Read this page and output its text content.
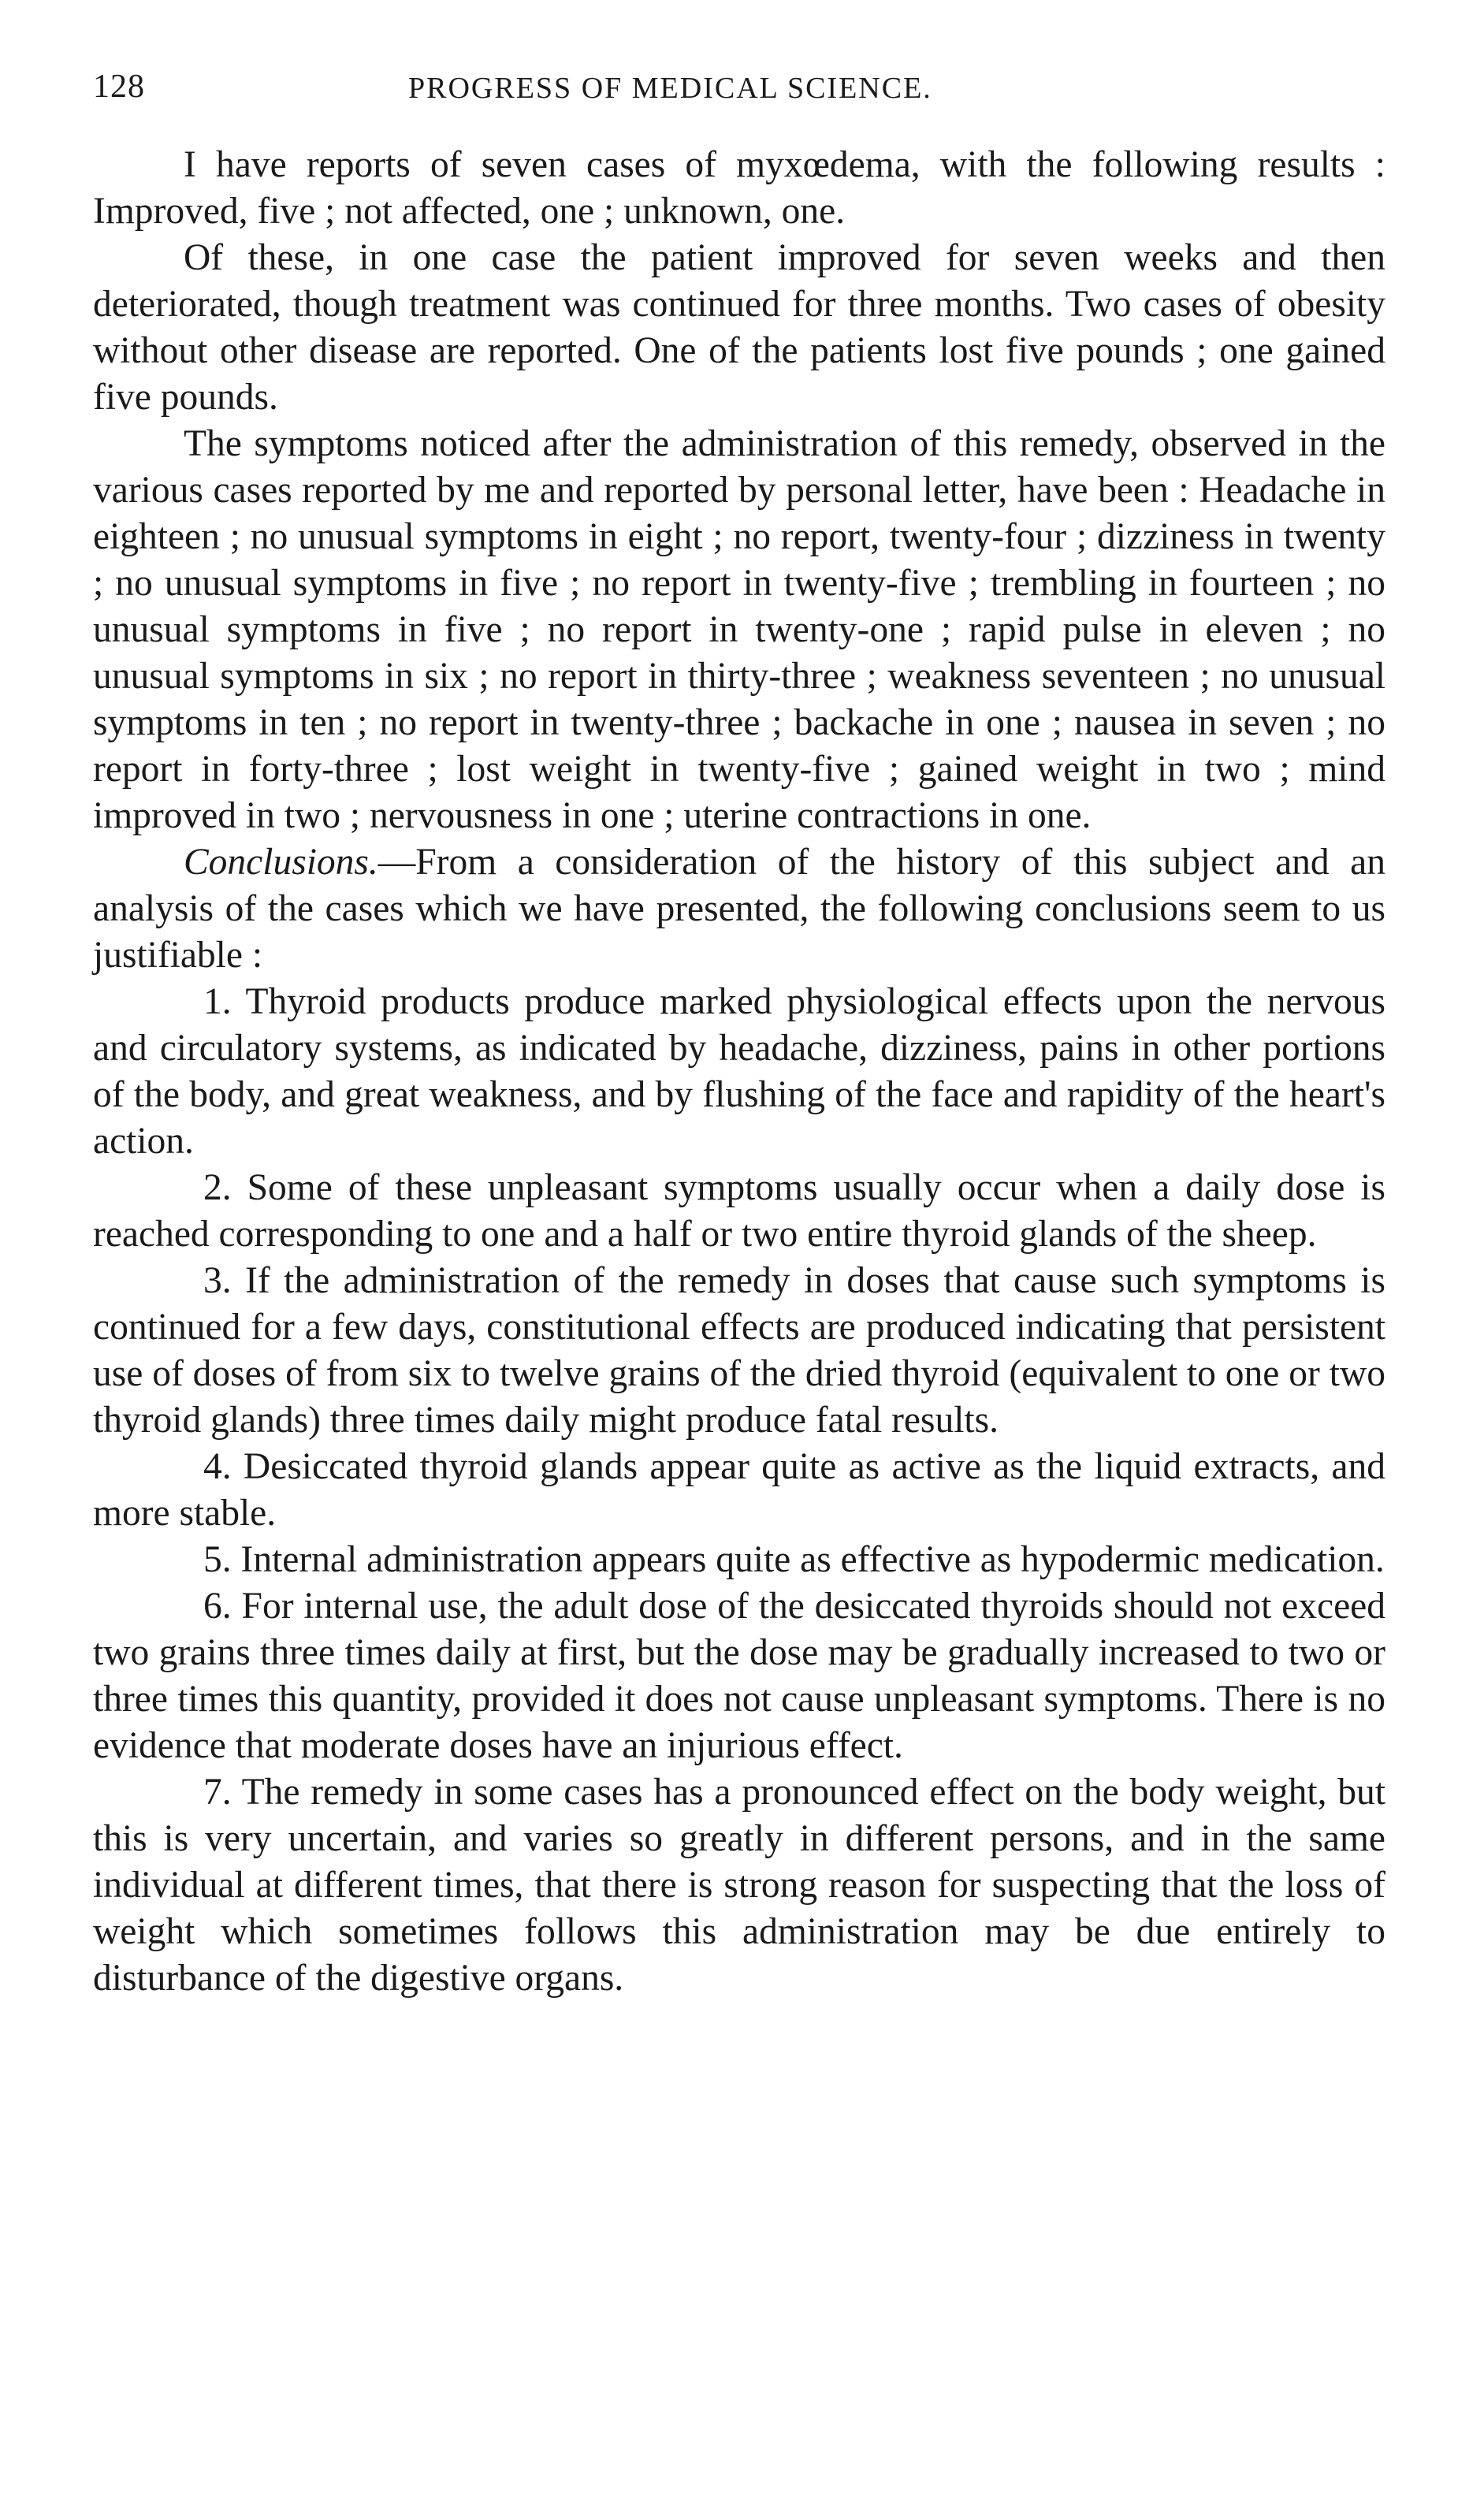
128	PROGRESS OF MEDICAL SCIENCE.

I have reports of seven cases of myxœdema, with the following results : Improved, five ; not affected, one ; unknown, one.

Of these, in one case the patient improved for seven weeks and then deteriorated, though treatment was continued for three months. Two cases of obesity without other disease are reported. One of the patients lost five pounds ; one gained five pounds.

The symptoms noticed after the administration of this remedy, observed in the various cases reported by me and reported by personal letter, have been : Headache in eighteen ; no unusual symptoms in eight ; no report, twenty-four ; dizziness in twenty ; no unusual symptoms in five ; no report in twenty-five ; trembling in fourteen ; no unusual symptoms in five ; no report in twenty-one ; rapid pulse in eleven ; no unusual symptoms in six ; no report in thirty-three ; weakness seventeen ; no unusual symptoms in ten ; no report in twenty-three ; backache in one ; nausea in seven ; no report in forty-three ; lost weight in twenty-five ; gained weight in two ; mind improved in two ; nervousness in one ; uterine contractions in one.

Conclusions.—From a consideration of the history of this subject and an analysis of the cases which we have presented, the following conclusions seem to us justifiable :

1. Thyroid products produce marked physiological effects upon the nervous and circulatory systems, as indicated by headache, dizziness, pains in other portions of the body, and great weakness, and by flushing of the face and rapidity of the heart's action.

2. Some of these unpleasant symptoms usually occur when a daily dose is reached corresponding to one and a half or two entire thyroid glands of the sheep.

3. If the administration of the remedy in doses that cause such symptoms is continued for a few days, constitutional effects are produced indicating that persistent use of doses of from six to twelve grains of the dried thyroid (equivalent to one or two thyroid glands) three times daily might produce fatal results.

4. Desiccated thyroid glands appear quite as active as the liquid extracts, and more stable.

5. Internal administration appears quite as effective as hypodermic medication.

6. For internal use, the adult dose of the desiccated thyroids should not exceed two grains three times daily at first, but the dose may be gradually increased to two or three times this quantity, provided it does not cause unpleasant symptoms. There is no evidence that moderate doses have an injurious effect.

7. The remedy in some cases has a pronounced effect on the body weight, but this is very uncertain, and varies so greatly in different persons, and in the same individual at different times, that there is strong reason for suspecting that the loss of weight which sometimes follows this administration may be due entirely to disturbance of the digestive organs.
